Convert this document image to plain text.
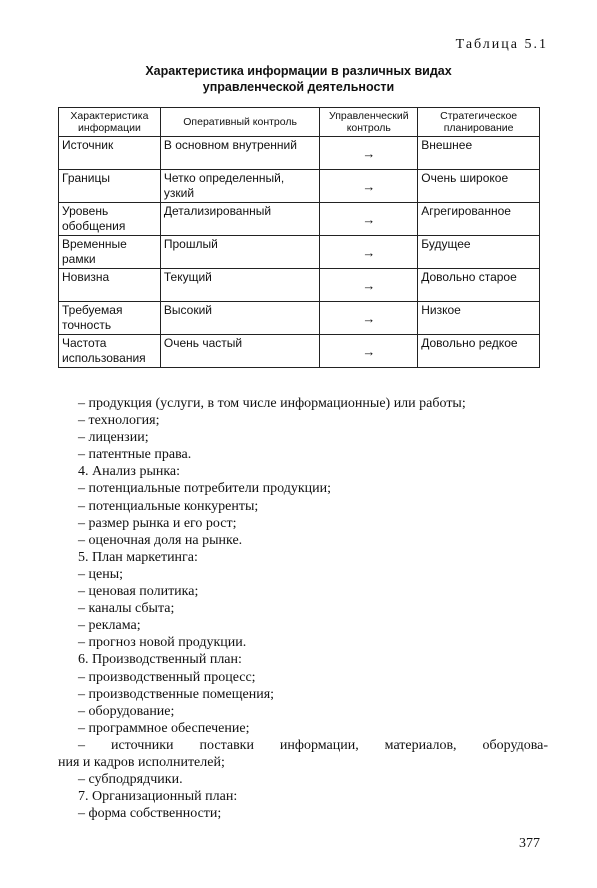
Таблица 5.1
Характеристика информации в различных видах
управленческой деятельности
Характеристика информации	Оперативный контроль	Управленческий контроль	Стратегическое планирование
Источник	В основном внутренний	→	Внешнее
Границы	Четко определенный, узкий	→	Очень широкое
Уровень обобщения	Детализированный	→	Агрегированное
Временные рамки	Прошлый	→	Будущее
Новизна	Текущий	→	Довольно старое
Требуемая точность	Высокий	→	Низкое
Частота использования	Очень частый	→	Довольно редкое
– продукция (услуги, в том числе информационные) или работы;
– технология;
– лицензии;
– патентные права.
4. Анализ рынка:
– потенциальные потребители продукции;
– потенциальные конкуренты;
– размер рынка и его рост;
– оценочная доля на рынке.
5. План маркетинга:
– цены;
– ценовая политика;
– каналы сбыта;
– реклама;
– прогноз новой продукции.
6. Производственный план:
– производственный процесс;
– производственные помещения;
– оборудование;
– программное обеспечение;
– источники поставки информации, материалов, оборудова-
ния и кадров исполнителей;
– субподрядчики.
7. Организационный план:
– форма собственности;
377
